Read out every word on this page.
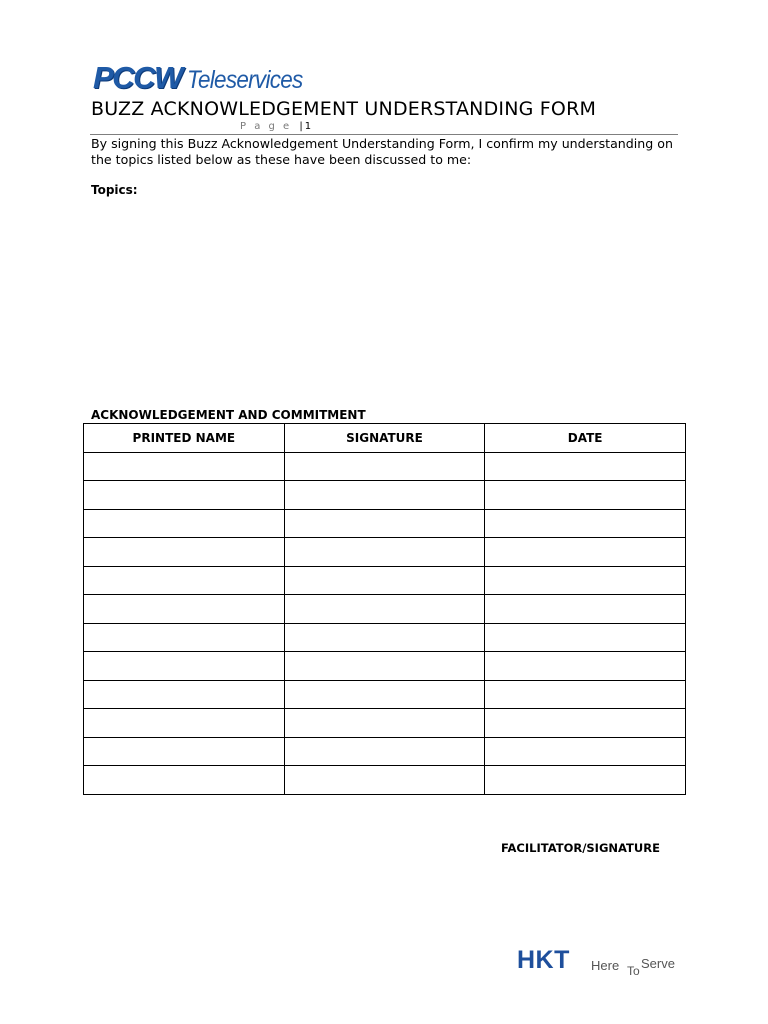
PCCW Teleservices
BUZZ ACKNOWLEDGEMENT UNDERSTANDING FORM
P a g e | 1

By signing this Buzz Acknowledgement Understanding Form, I confirm my understanding on the topics listed below as these have been discussed to me:

Topics:
ACKNOWLEDGEMENT AND COMMITMENT
PRINTED NAME	SIGNATURE	DATE

FACILITATOR/SIGNATURE
HKT Here To Serve
